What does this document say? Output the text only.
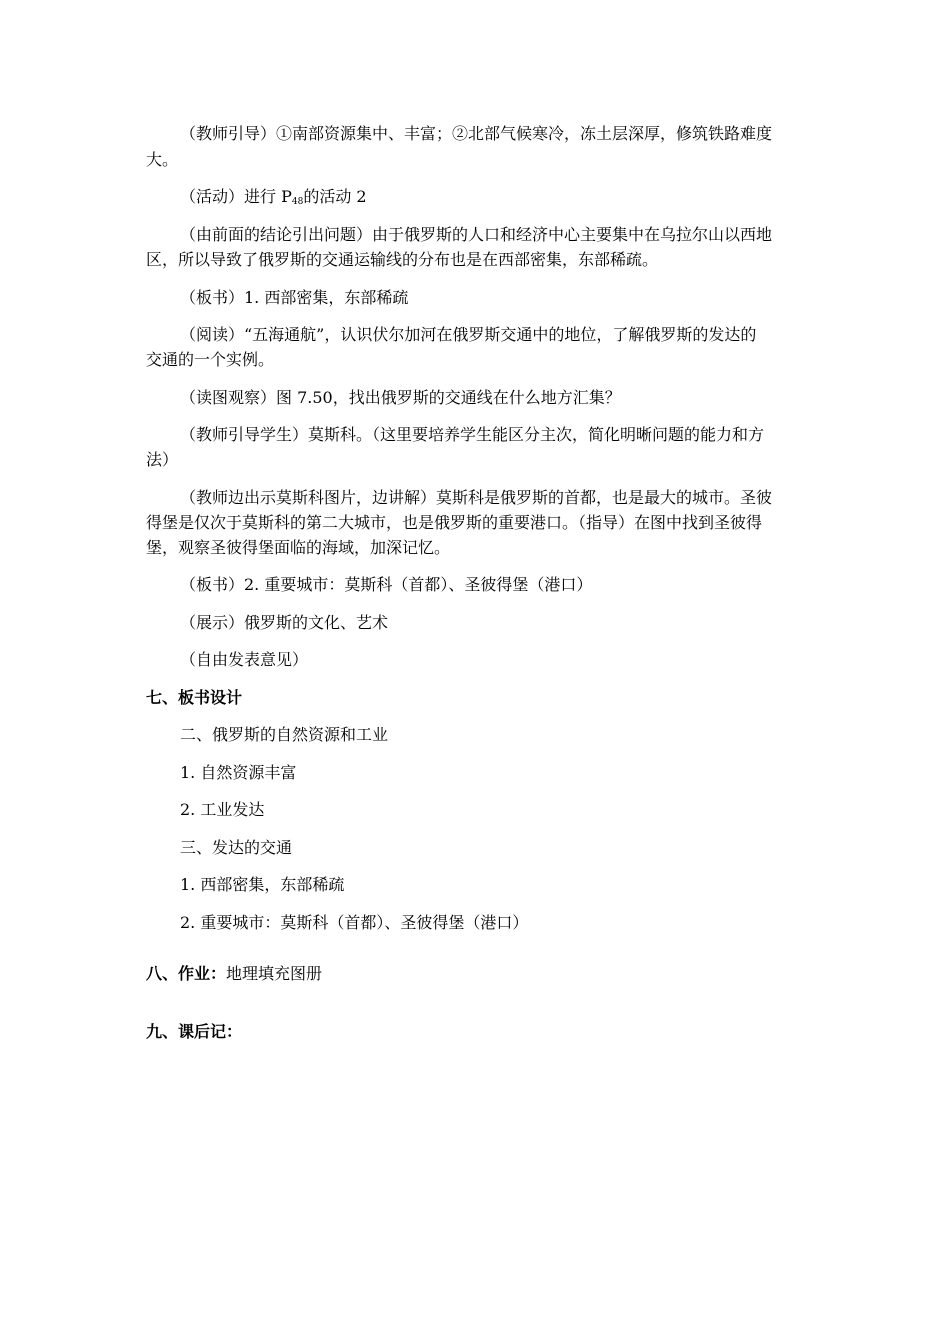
（教师引导）①南部资源集中、丰富；②北部气候寒冷，冻土层深厚，修筑铁路难度
大。
（活动）进行 $P_{48}$的活动 2
（由前面的结论引出问题）由于俄罗斯的人口和经济中心主要集中在乌拉尔山以西地
区，所以导致了俄罗斯的交通运输线的分布也是在西部密集，东部稀疏。
（板书）1. 西部密集，东部稀疏
（阅读）“五海通航”，认识伏尔加河在俄罗斯交通中的地位，了解俄罗斯的发达的
交通的一个实例。
（读图观察）图 7.50，找出俄罗斯的交通线在什么地方汇集？
（教师引导学生）莫斯科。（这里要培养学生能区分主次，简化明晰问题的能力和方
法）
（教师边出示莫斯科图片，边讲解）莫斯科是俄罗斯的首都，也是最大的城市。圣彼
得堡是仅次于莫斯科的第二大城市，也是俄罗斯的重要港口。（指导）在图中找到圣彼得
堡，观察圣彼得堡面临的海域，加深记忆。
（板书）2. 重要城市：莫斯科（首都）、圣彼得堡（港口）
（展示）俄罗斯的文化、艺术
（自由发表意见）
七、板书设计
二、俄罗斯的自然资源和工业
1. 自然资源丰富
2. 工业发达
三、发达的交通
1. 西部密集，东部稀疏
2. 重要城市：莫斯科（首都）、圣彼得堡（港口）
八、作业：地理填充图册
九、课后记：
